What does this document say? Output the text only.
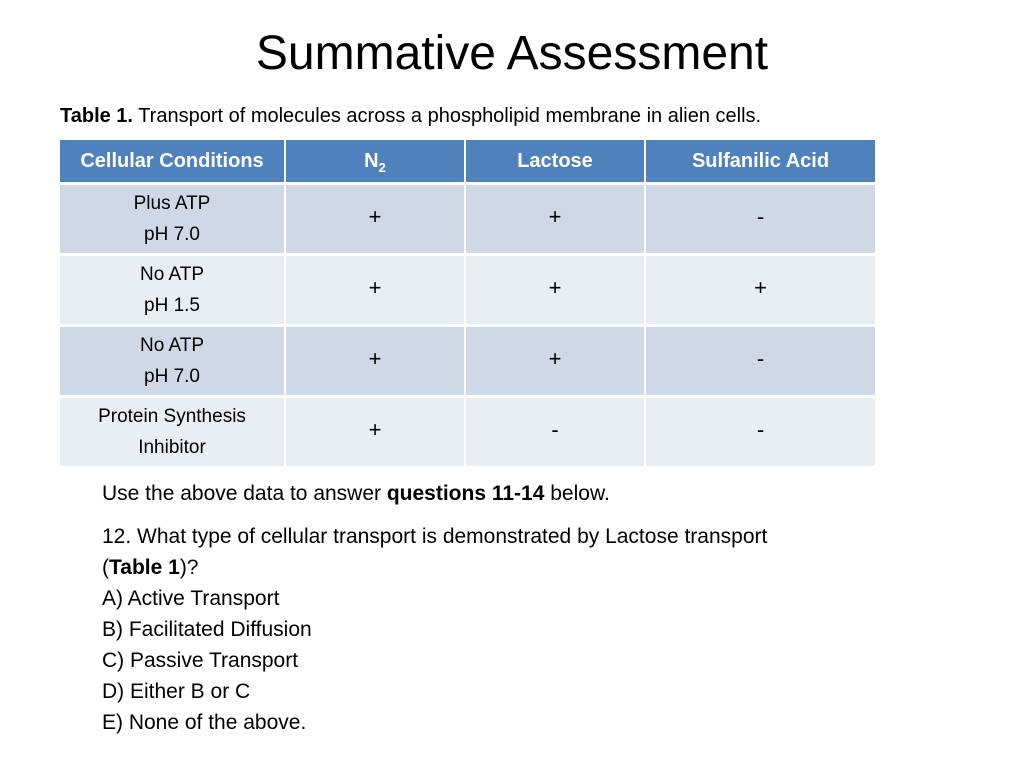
Summative Assessment
Table 1. Transport of molecules across a phospholipid membrane in alien cells.
Cellular Conditions	$N_2$	Lactose	Sulfanilic Acid

Plus ATP
pH 7.0	+	+	-

No ATP
pH 1.5	+	+	+

No ATP
pH 7.0	+	+	-

Protein Synthesis
Inhibitor	+	-	-
Use the above data to answer questions 11-14 below.
12. What type of cellular transport is demonstrated by Lactose transport
(Table 1)?
A) Active Transport
B) Facilitated Diffusion
C) Passive Transport
D) Either B or C
E) None of the above.
